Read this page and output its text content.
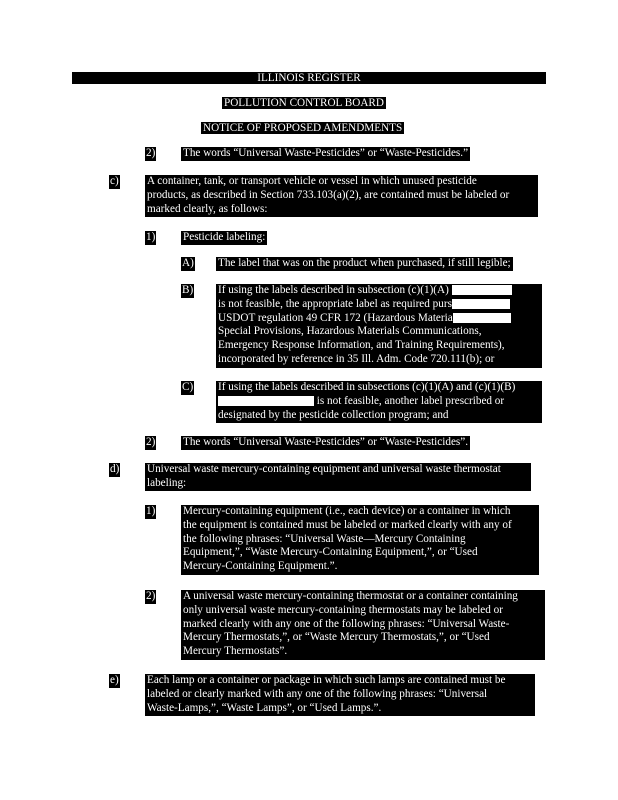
ILLINOIS REGISTER
POLLUTION CONTROL BOARD
NOTICE OF PROPOSED AMENDMENTS
2) The words “Universal Waste-Pesticides” or “Waste-Pesticides.”
c)	A container, tank, or transport vehicle or vessel in which unused pesticide
products, as described in Section 733.103(a)(2), are contained must be labeled or
marked clearly, as follows:
1) Pesticide labeling:
A) The label that was on the product when purchased, if still legible;
B) If using the labels described in subsection (c)(1)(A)
is not feasible, the appropriate label as required purs
USDOT regulation 49 CFR 172 (Hazardous Materia
Special Provisions, Hazardous Materials Communications,
Emergency Response Information, and Training Requirements),
incorporated by reference in 35 Ill. Adm. Code 720.111(b); or
C) If using the labels described in subsections (c)(1)(A) and (c)(1)(B)
is not feasible, another label prescribed or
designated by the pesticide collection program; and
2) The words “Universal Waste-Pesticides” or “Waste-Pesticides”.
d) Universal waste mercury-containing equipment and universal waste thermostat
labeling:
1) Mercury-containing equipment (i.e., each device) or a container in which
the equipment is contained must be labeled or marked clearly with any of
the following phrases: “Universal Waste—Mercury Containing
Equipment,”, “Waste Mercury-Containing Equipment,”, or “Used
Mercury-Containing Equipment.”.
2) A universal waste mercury-containing thermostat or a container containing
only universal waste mercury-containing thermostats may be labeled or
marked clearly with any one of the following phrases: “Universal Waste-
Mercury Thermostats,”, or “Waste Mercury Thermostats,”, or “Used
Mercury Thermostats”.
e)	Each lamp or a container or package in which such lamps are contained must be
labeled or clearly marked with any one of the following phrases: “Universal
Waste-Lamps,”, “Waste Lamps”, or “Used Lamps.”.
